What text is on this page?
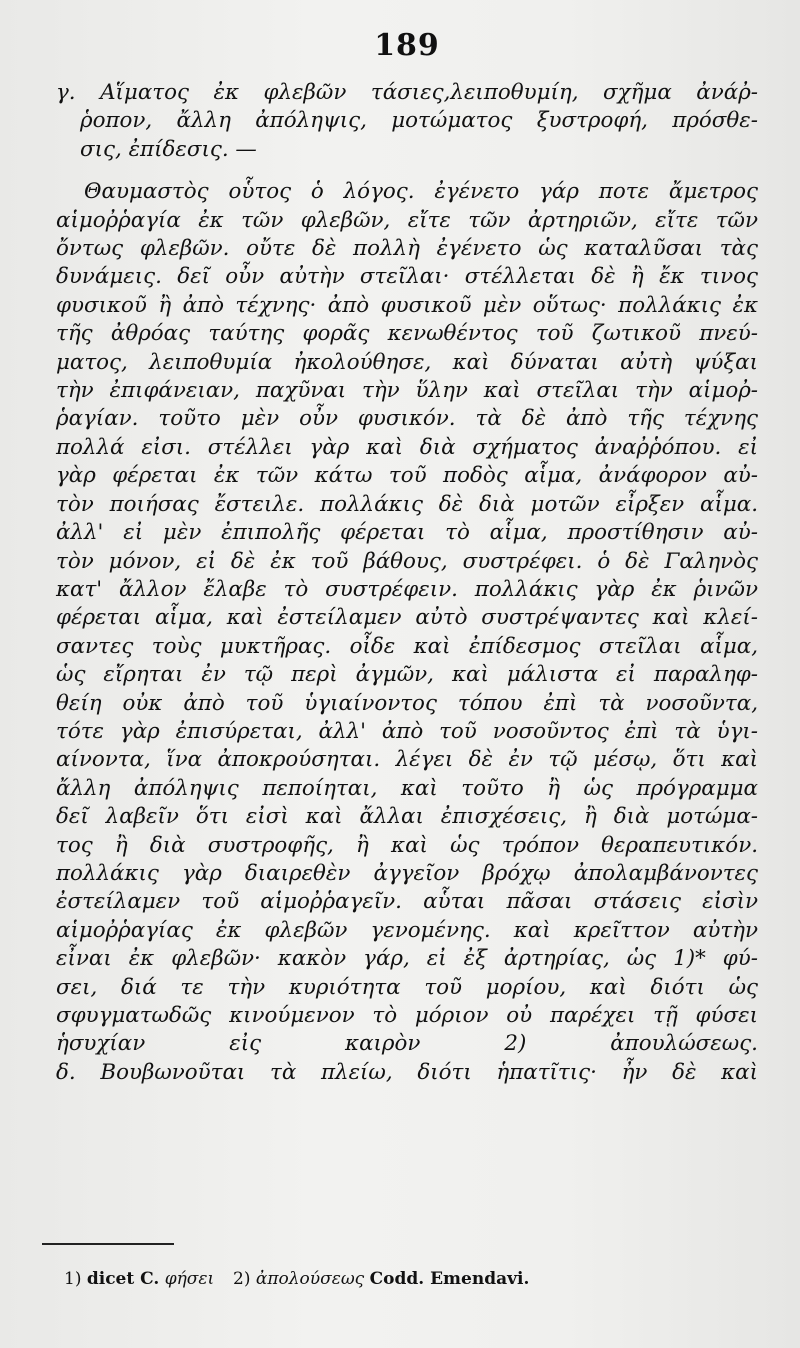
189
γ. Αἵματος ἐκ φλεβῶν τάσιες,λειποθυμίη, σχῆμα ἀνάῤ-
ῥοπον, ἄλλη ἀπόληψις, μοτώματος ξυστροφή, πρόσθε-
σις, ἐπίδεσις. —
Θαυμαστὸς οὗτος ὁ λόγος. ἐγένετο γάρ ποτε ἄμετρος
αἱμοῤῥαγία ἐκ τῶν φλεβῶν, εἴτε τῶν ἀρτηριῶν, εἴτε τῶν
ὄντως φλεβῶν. οὔτε δὲ πολλὴ ἐγένετο ὡς καταλῦσαι τὰς
δυνάμεις. δεῖ οὖν αὐτὴν στεῖλαι· στέλλεται δὲ ἢ ἔκ τινος
φυσικοῦ ἢ ἀπὸ τέχνης· ἀπὸ φυσικοῦ μὲν οὕτως· πολλάκις ἐκ
τῆς ἀθρόας ταύτης φορᾶς κενωθέντος τοῦ ζωτικοῦ πνεύ-
ματος, λειποθυμία ἠκολούθησε, καὶ δύναται αὐτὴ ψύξαι
τὴν ἐπιφάνειαν, παχῦναι τὴν ὕλην καὶ στεῖλαι τὴν αἱμοῤ-
ῥαγίαν. τοῦτο μὲν οὖν φυσικόν. τὰ δὲ ἀπὸ τῆς τέχνης
πολλά εἰσι. στέλλει γὰρ καὶ διὰ σχήματος ἀναῤῥόπου. εἰ
γὰρ φέρεται ἐκ τῶν κάτω τοῦ ποδὸς αἷμα, ἀνάφορον αὐ-
τὸν ποιήσας ἔστειλε. πολλάκις δὲ διὰ μοτῶν εἶρξεν αἷμα.
ἀλλ' εἰ μὲν ἐπιπολῆς φέρεται τὸ αἷμα, προστίθησιν αὐ-
τὸν μόνον, εἰ δὲ ἐκ τοῦ βάθους, συστρέφει. ὁ δὲ Γαληνὸς
κατ' ἄλλον ἔλαβε τὸ συστρέφειν. πολλάκις γὰρ ἐκ ῥινῶν
φέρεται αἷμα, καὶ ἐστείλαμεν αὐτὸ συστρέψαντες καὶ κλεί-
σαντες τοὺς μυκτῆρας. οἶδε καὶ ἐπίδεσμος στεῖλαι αἷμα,
ὡς εἴρηται ἐν τῷ περὶ ἀγμῶν, καὶ μάλιστα εἰ παραληφ-
θείη οὐκ ἀπὸ τοῦ ὑγιαίνοντος τόπου ἐπὶ τὰ νοσοῦντα,
τότε γὰρ ἐπισύρεται, ἀλλ' ἀπὸ τοῦ νοσοῦντος ἐπὶ τὰ ὑγι-
αίνοντα, ἵνα ἀποκρούσηται. λέγει δὲ ἐν τῷ μέσῳ, ὅτι καὶ
ἄλλη ἀπόληψις πεποίηται, καὶ τοῦτο ἢ ὡς πρόγραμμα
δεῖ λαβεῖν ὅτι εἰσὶ καὶ ἄλλαι ἐπισχέσεις, ἢ διὰ μοτώμα-
τος ἢ διὰ συστροφῆς, ἢ καὶ ὡς τρόπον θεραπευτικόν.
πολλάκις γὰρ διαιρεθὲν ἀγγεῖον βρόχῳ ἀπολαμβάνοντες
ἐστείλαμεν τοῦ αἱμοῤῥαγεῖν. αὗται πᾶσαι στάσεις εἰσὶν
αἱμοῤῥαγίας ἐκ φλεβῶν γενομένης. καὶ κρεῖττον αὐτὴν
εἶναι ἐκ φλεβῶν· κακὸν γάρ, εἰ ἐξ ἀρτηρίας, ὡς 1)* φύ-
σει, διά τε τὴν κυριότητα τοῦ μορίου, καὶ διότι ὡς
σφυγματωδῶς κινούμενον τὸ μόριον οὐ παρέχει τῇ φύσει
ἡσυχίαν εἰς καιρὸν 2) ἀπουλώσεως.
δ. Βουβωνοῦται τὰ πλείω, διότι ἡπατῖτις· ἦν δὲ καὶ
1) dicet C. φήσει 2) ἀπολούσεως Codd. Emendavi.
